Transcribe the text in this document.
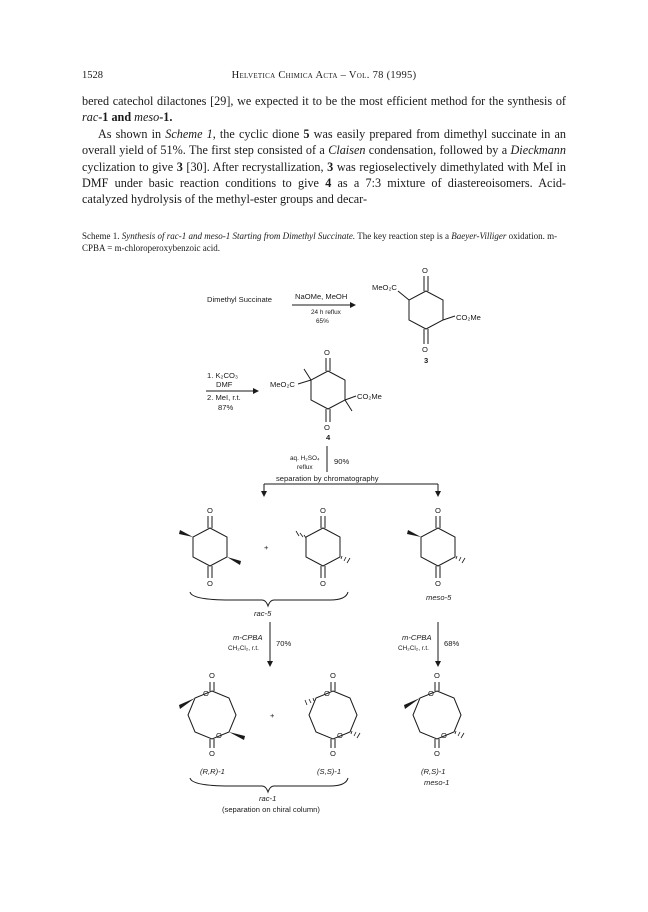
1528	Helvetica Chimica Acta – Vol. 78 (1995)

bered catechol dilactones [29], we expected it to be the most efficient method for the synthesis of rac-1 and meso-1.

As shown in Scheme 1, the cyclic dione 5 was easily prepared from dimethyl succinate in an overall yield of 51%. The first step consisted of a Claisen condensation, followed by a Dieckmann cyclization to give 3 [30]. After recrystallization, 3 was regioselectively dimethylated with MeI in DMF under basic reaction conditions to give 4 as a 7:3 mixture of diastereoisomers. Acid-catalyzed hydrolysis of the methyl-ester groups and decar-

Scheme 1. Synthesis of rac-1 and meso-1 Starting from Dimethyl Succinate. The key reaction step is a Baeyer-Villiger oxidation. m-CPBA = m-chloroperoxybenzoic acid.
Dimethyl Succinate	NaOMe, MeOH
24 h reflux
65%
O
O
MeO₂C
CO₂Me
3
1. K₂CO₃
DMF
2. MeI, r.t.
87%
O
O
MeO₂C
CO₂Me
4
aq. H₂SO₄
reflux
90%
separation by chromatography
O
O
+
O
O
rac-5
O
O
meso-5
m-CPBA
CH₂Cl₂, r.t.
70%
m-CPBA
CH₂Cl₂, r.t.
68%
O
O
O
O
+
O
O
O
O
O
O
O
O
(R,R)-1	(S,S)-1	(R,S)-1
meso-1
rac-1
(separation on chiral column)
